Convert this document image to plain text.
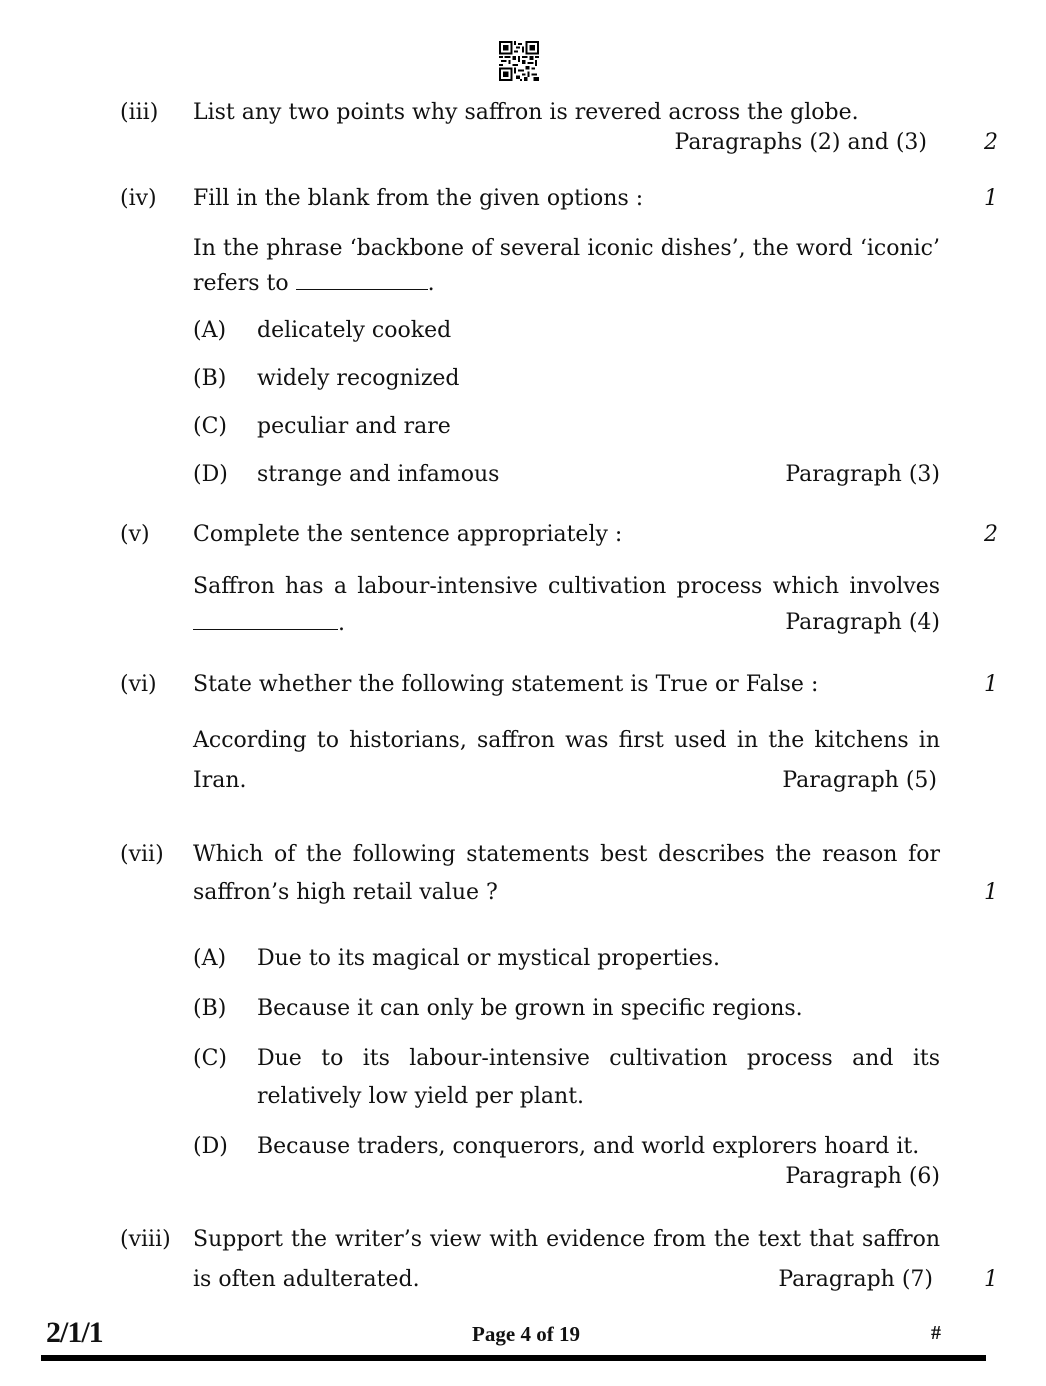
(iii) List any two points why saffron is revered across the globe.
Paragraphs (2) and (3)	2
(iv) Fill in the blank from the given options :	1
In the phrase ‘backbone of several iconic dishes’, the word ‘iconic’
refers to	.
(A) delicately cooked
(B) widely recognized
(C) peculiar and rare
(D) strange and infamous	Paragraph (3)
(v) Complete the sentence appropriately :	2
Saffron has a labour-intensive cultivation process which involves
.	Paragraph (4)
(vi) State whether the following statement is True or False :	1
According to historians, saffron was first used in the kitchens in
Iran.	Paragraph (5)
(vii) Which of the following statements best describes the reason for
saffron’s high retail value ?	1
(A) Due to its magical or mystical properties.
(B) Because it can only be grown in specific regions.
(C) Due to its labour-intensive cultivation process and its
relatively low yield per plant.
(D) Because traders, conquerors, and world explorers hoard it.
Paragraph (6)
(viii) Support the writer’s view with evidence from the text that saffron
is often adulterated.	Paragraph (7) 1
2/1/1	Page 4 of 19	#
